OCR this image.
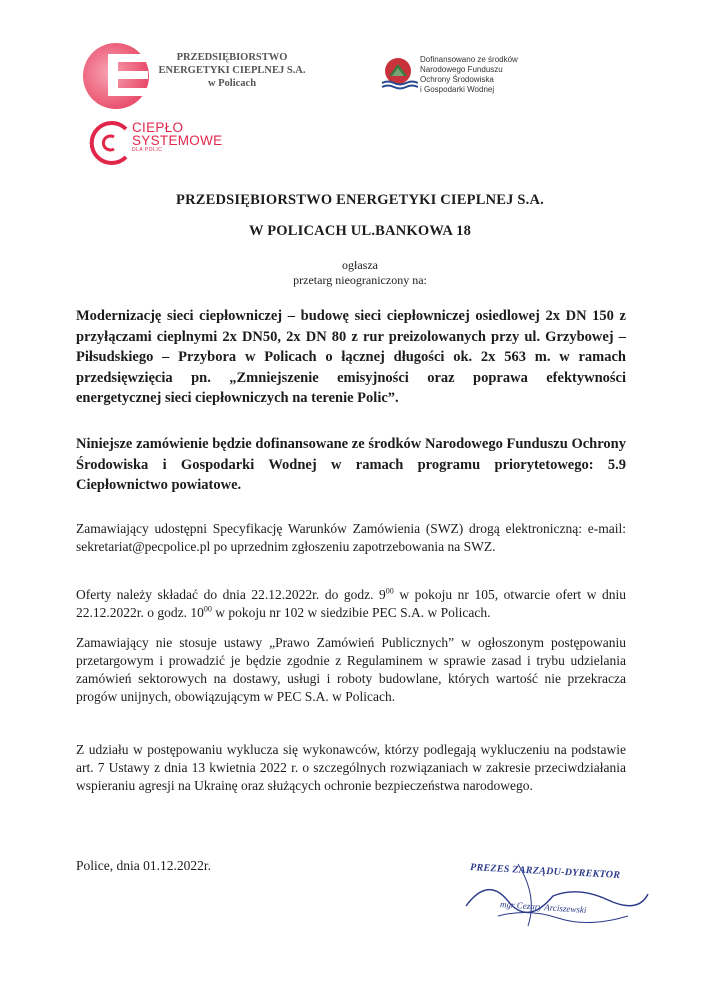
PRZEDSIĘBIORSTWO
ENERGETYKI CIEPLNEJ S.A.
w Policach
CIEPŁO
SYSTEMOWE
DLA POLIC
Dofinansowano ze środków
Narodowego Funduszu
Ochrony Środowiska
i Gospodarki Wodnej
PRZEDSIĘBIORSTWO ENERGETYKI CIEPLNEJ S.A.
W POLICACH UL.BANKOWA 18
ogłasza
przetarg nieograniczony na:
Modernizację sieci ciepłowniczej – budowę sieci ciepłowniczej osiedlowej 2x DN 150 z przyłączami cieplnymi 2x DN50, 2x DN 80 z rur preizolowanych przy ul. Grzybowej – Piłsudskiego – Przybora w Policach o łącznej długości ok. 2x 563 m. w ramach przedsięwzięcia pn. „Zmniejszenie emisyjności oraz poprawa efektywności energetycznej sieci ciepłowniczych na terenie Polic”.
Niniejsze zamówienie będzie dofinansowane ze środków Narodowego Funduszu Ochrony Środowiska i Gospodarki Wodnej w ramach programu priorytetowego: 5.9 Ciepłownictwo powiatowe.
Zamawiający udostępni Specyfikację Warunków Zamówienia (SWZ) drogą elektroniczną: e-mail: sekretariat@pecpolice.pl po uprzednim zgłoszeniu zapotrzebowania na SWZ.
Oferty należy składać do dnia 22.12.2022r. do godz. $9^{00}$ w pokoju nr 105, otwarcie ofert w dniu 22.12.2022r. o godz. $10^{00}$ w pokoju nr 102 w siedzibie PEC S.A. w Policach.
Zamawiający nie stosuje ustawy „Prawo Zamówień Publicznych” w ogłoszonym postępowaniu przetargowym i prowadzić je będzie zgodnie z Regulaminem w sprawie zasad i trybu udzielania zamówień sektorowych na dostawy, usługi i roboty budowlane, których wartość nie przekracza progów unijnych, obowiązującym w PEC S.A. w Policach.
Z udziału w postępowaniu wyklucza się wykonawców, którzy podlegają wykluczeniu na podstawie art. 7 Ustawy z dnia 13 kwietnia 2022 r. o szczególnych rozwiązaniach w zakresie przeciwdziałania wspieraniu agresji na Ukrainę oraz służących ochronie bezpieczeństwa narodowego.
Police, dnia 01.12.2022r.	PREZES ZARZĄDU-DYREKTOR
mgr Cezary Arciszewski
